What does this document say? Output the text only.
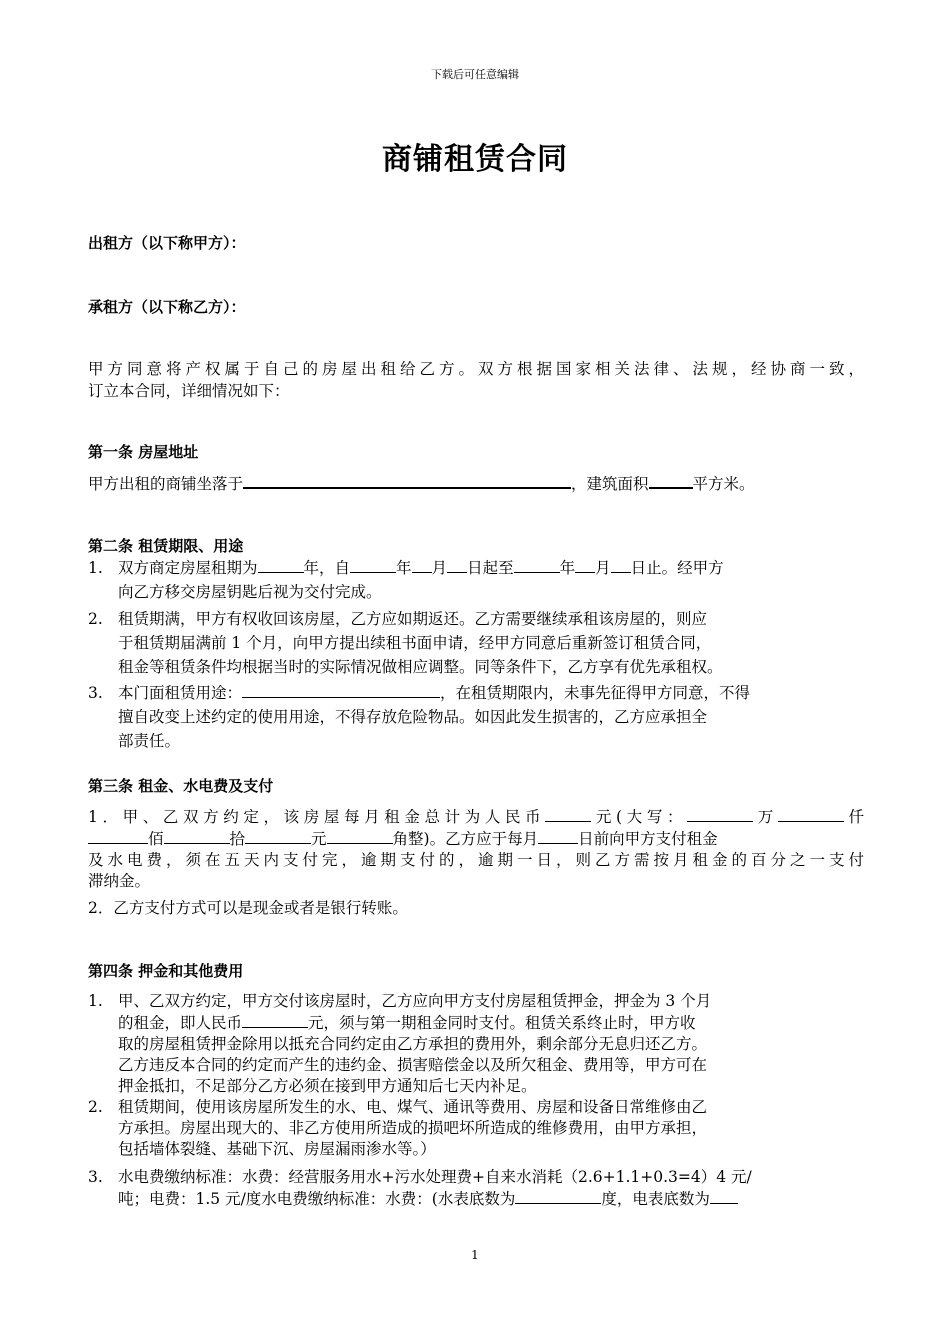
下载后可任意编辑
商铺租赁合同
出租方（以下称甲方）：
承租方（以下称乙方）：
甲方同意将产权属于自己的房屋出租给乙方。双方根据国家相关法律、法规，经协商一致，
订立本合同，详细情况如下：
第一条 房屋地址
甲方出租的商铺坐落于	，建筑面积	平方米。
第二条 租赁期限、用途
1. 双方商定房屋租期为	年，自	年 月 日起至	年 月 日止。经甲方
向乙方移交房屋钥匙后视为交付完成。
2. 租赁期满，甲方有权收回该房屋，乙方应如期返还。乙方需要继续承租该房屋的，则应
于租赁期届满前 1 个月，向甲方提出续租书面申请，经甲方同意后重新签订租赁合同，
租金等租赁条件均根据当时的实际情况做相应调整。同等条件下，乙方享有优先承租权。
3. 本门面租赁用途：	，在租赁期限内，未事先征得甲方同意，不得
擅自改变上述约定的使用用途，不得存放危险物品。如因此发生损害的，乙方应承担全
部责任。
第三条 租金、水电费及支付
1．甲、乙双方约定，该房屋每月租金总计为人民币	元(大写：	万	仟
佰	拾	元	角整)。乙方应于每月	日前向甲方支付租金
及水电费，须在五天内支付完，逾期支付的，逾期一日，则乙方需按月租金的百分之一支付
滞纳金。
2．乙方支付方式可以是现金或者是银行转账。
第四条 押金和其他费用
1. 甲、乙双方约定，甲方交付该房屋时，乙方应向甲方支付房屋租赁押金，押金为 3 个月
的租金，即人民币	元，须与第一期租金同时支付。租赁关系终止时，甲方收
取的房屋租赁押金除用以抵充合同约定由乙方承担的费用外，剩余部分无息归还乙方。
乙方违反本合同的约定而产生的违约金、损害赔偿金以及所欠租金、费用等，甲方可在
押金抵扣，不足部分乙方必须在接到甲方通知后七天内补足。
2. 租赁期间，使用该房屋所发生的水、电、煤气、通讯等费用、房屋和设备日常维修由乙
方承担。房屋出现大的、非乙方使用所造成的损吧坏所造成的维修费用，由甲方承担，
包括墙体裂缝、基础下沉、房屋漏雨渗水等。）
3. 水电费缴纳标准：水费：经营服务用水+污水处理费+自来水消耗（2.6+1.1+0.3=4）4 元/
吨；电费：1.5 元/度水电费缴纳标准：水费：(水表底数为	度，电表底数为
1
